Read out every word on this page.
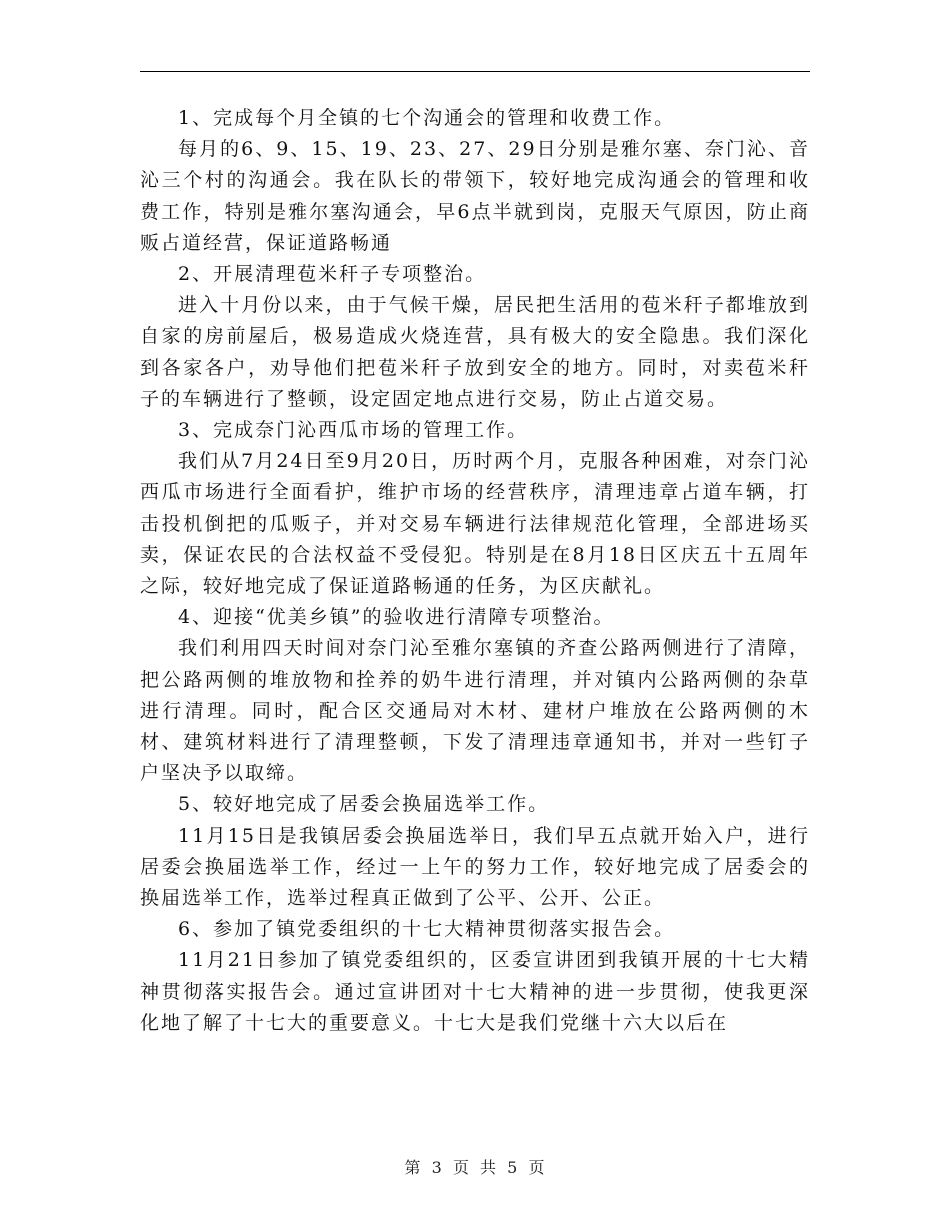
1、完成每个月全镇的七个沟通会的管理和收费工作。

每月的6、9、15、19、23、27、29日分别是雅尔塞、奈门沁、音沁三个村的沟通会。我在队长的带领下，较好地完成沟通会的管理和收费工作，特别是雅尔塞沟通会，早6点半就到岗，克服天气原因，防止商贩占道经营，保证道路畅通

2、开展清理苞米秆子专项整治。

进入十月份以来，由于气候干燥，居民把生活用的苞米秆子都堆放到自家的房前屋后，极易造成火烧连营，具有极大的安全隐患。我们深化到各家各户，劝导他们把苞米秆子放到安全的地方。同时，对卖苞米秆子的车辆进行了整顿，设定固定地点进行交易，防止占道交易。

3、完成奈门沁西瓜市场的管理工作。

我们从7月24日至9月20日，历时两个月，克服各种困难，对奈门沁西瓜市场进行全面看护，维护市场的经营秩序，清理违章占道车辆，打击投机倒把的瓜贩子，并对交易车辆进行法律规范化管理，全部进场买卖，保证农民的合法权益不受侵犯。特别是在8月18日区庆五十五周年之际，较好地完成了保证道路畅通的任务，为区庆献礼。

4、迎接“优美乡镇”的验收进行清障专项整治。

我们利用四天时间对奈门沁至雅尔塞镇的齐查公路两侧进行了清障，把公路两侧的堆放物和拴养的奶牛进行清理，并对镇内公路两侧的杂草进行清理。同时，配合区交通局对木材、建材户堆放在公路两侧的木材、建筑材料进行了清理整顿，下发了清理违章通知书，并对一些钉子户坚决予以取缔。

5、较好地完成了居委会换届选举工作。

11月15日是我镇居委会换届选举日，我们早五点就开始入户，进行居委会换届选举工作，经过一上午的努力工作，较好地完成了居委会的换届选举工作，选举过程真正做到了公平、公开、公正。

6、参加了镇党委组织的十七大精神贯彻落实报告会。

11月21日参加了镇党委组织的，区委宣讲团到我镇开展的十七大精神贯彻落实报告会。通过宣讲团对十七大精神的进一步贯彻，使我更深化地了解了十七大的重要意义。十七大是我们党继十六大以后在

第 3 页 共 5 页
